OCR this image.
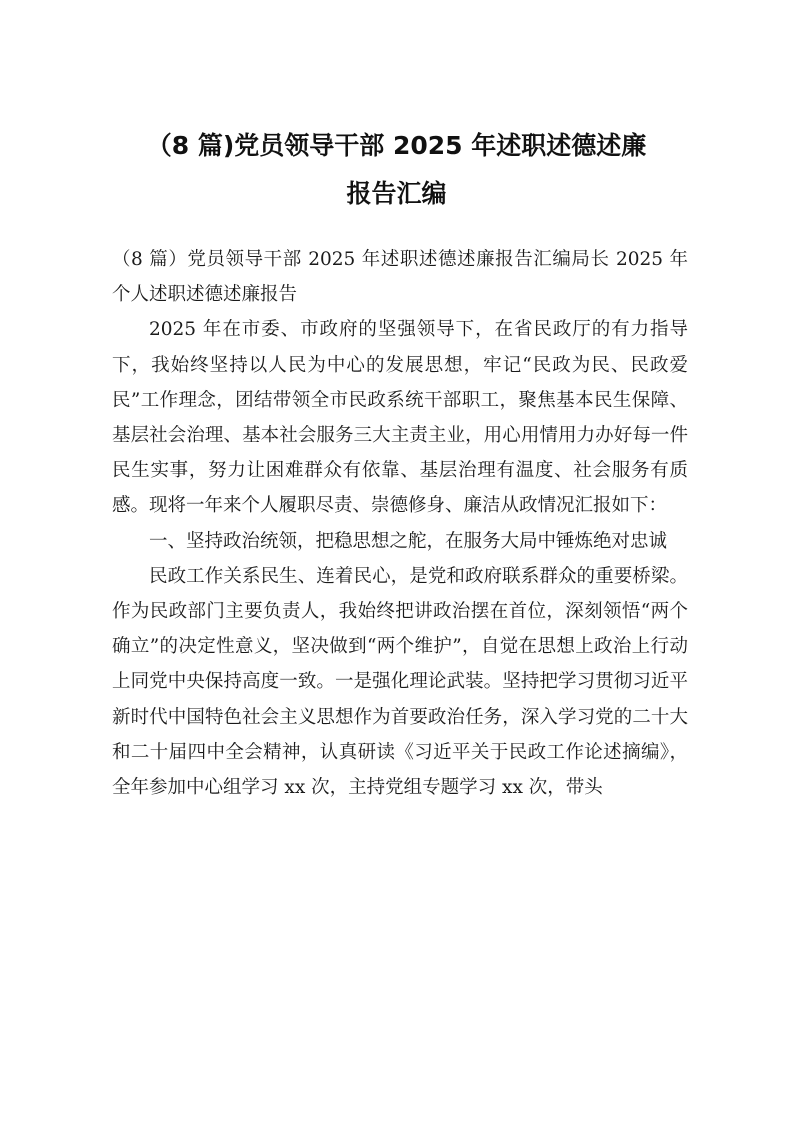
（8 篇)党员领导干部 2025 年述职述德述廉
报告汇编

（8 篇）党员领导干部 2025 年述职述德述廉报告汇编局长 2025 年个人述职述德述廉报告

2025 年在市委、市政府的坚强领导下，在省民政厅的有力指导下，我始终坚持以人民为中心的发展思想，牢记“民政为民、民政爱民”工作理念，团结带领全市民政系统干部职工，聚焦基本民生保障、基层社会治理、基本社会服务三大主责主业，用心用情用力办好每一件民生实事，努力让困难群众有依靠、基层治理有温度、社会服务有质感。现将一年来个人履职尽责、崇德修身、廉洁从政情况汇报如下：

一、坚持政治统领，把稳思想之舵，在服务大局中锤炼绝对忠诚

民政工作关系民生、连着民心，是党和政府联系群众的重要桥梁。作为民政部门主要负责人，我始终把讲政治摆在首位，深刻领悟“两个确立”的决定性意义，坚决做到“两个维护”，自觉在思想上政治上行动上同党中央保持高度一致。一是强化理论武装。坚持把学习贯彻习近平新时代中国特色社会主义思想作为首要政治任务，深入学习党的二十大和二十届四中全会精神，认真研读《习近平关于民政工作论述摘编》，全年参加中心组学习 xx 次，主持党组专题学习 xx 次，带头
